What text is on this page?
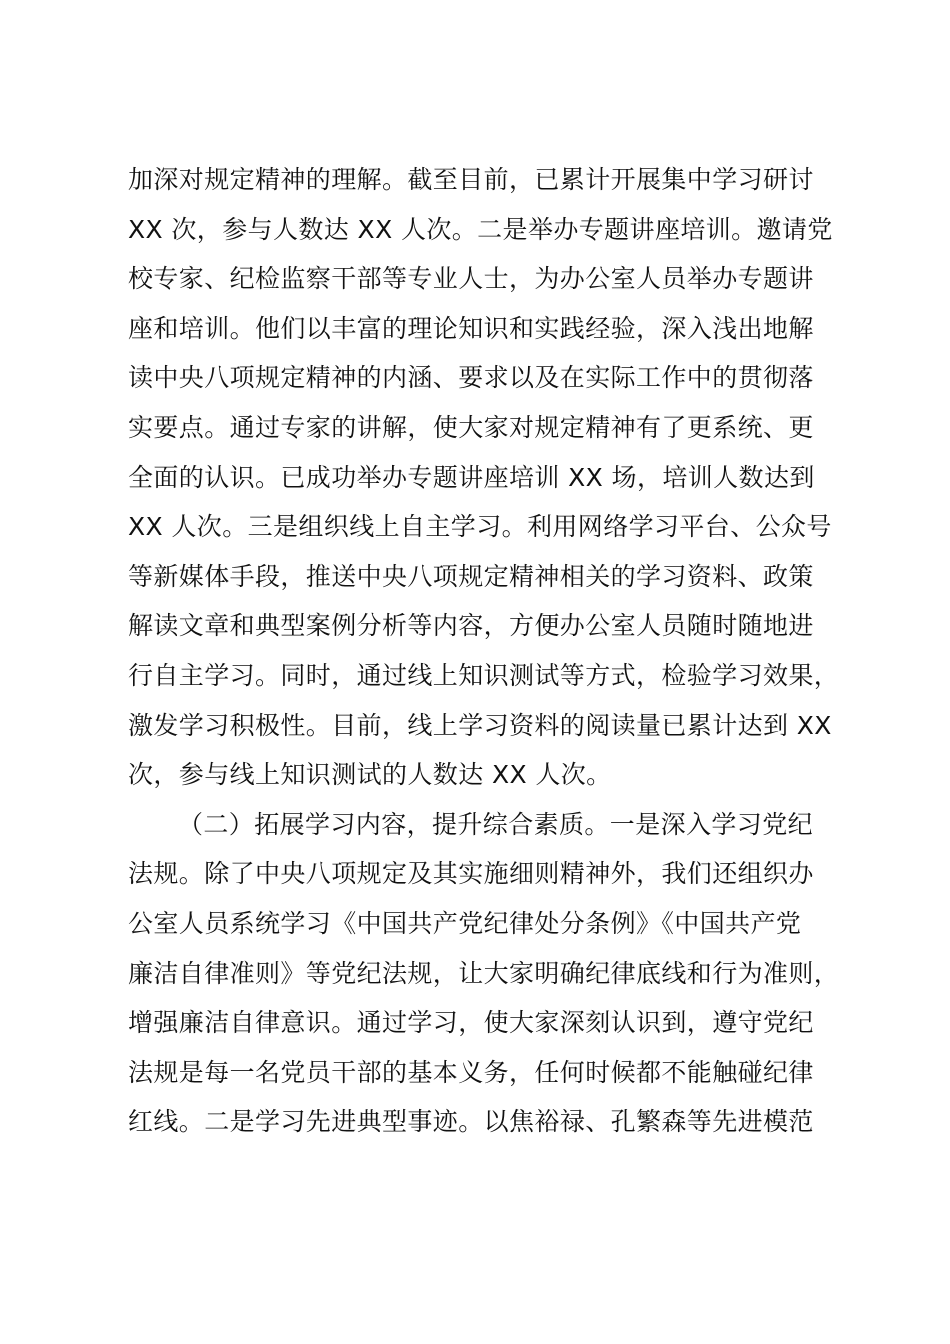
加深对规定精神的理解。截至目前，已累计开展集中学习研讨
XX 次，参与人数达 XX 人次。二是举办专题讲座培训。邀请党
校专家、纪检监察干部等专业人士，为办公室人员举办专题讲
座和培训。他们以丰富的理论知识和实践经验，深入浅出地解
读中央八项规定精神的内涵、要求以及在实际工作中的贯彻落
实要点。通过专家的讲解，使大家对规定精神有了更系统、更
全面的认识。已成功举办专题讲座培训 XX 场，培训人数达到
XX 人次。三是组织线上自主学习。利用网络学习平台、公众号
等新媒体手段，推送中央八项规定精神相关的学习资料、政策
解读文章和典型案例分析等内容，方便办公室人员随时随地进
行自主学习。同时，通过线上知识测试等方式，检验学习效果，
激发学习积极性。目前，线上学习资料的阅读量已累计达到 XX
次，参与线上知识测试的人数达 XX 人次。
（二）拓展学习内容，提升综合素质。一是深入学习党纪
法规。除了中央八项规定及其实施细则精神外，我们还组织办
公室人员系统学习《中国共产党纪律处分条例》《中国共产党
廉洁自律准则》等党纪法规，让大家明确纪律底线和行为准则，
增强廉洁自律意识。通过学习，使大家深刻认识到，遵守党纪
法规是每一名党员干部的基本义务，任何时候都不能触碰纪律
红线。二是学习先进典型事迹。以焦裕禄、孔繁森等先进模范
